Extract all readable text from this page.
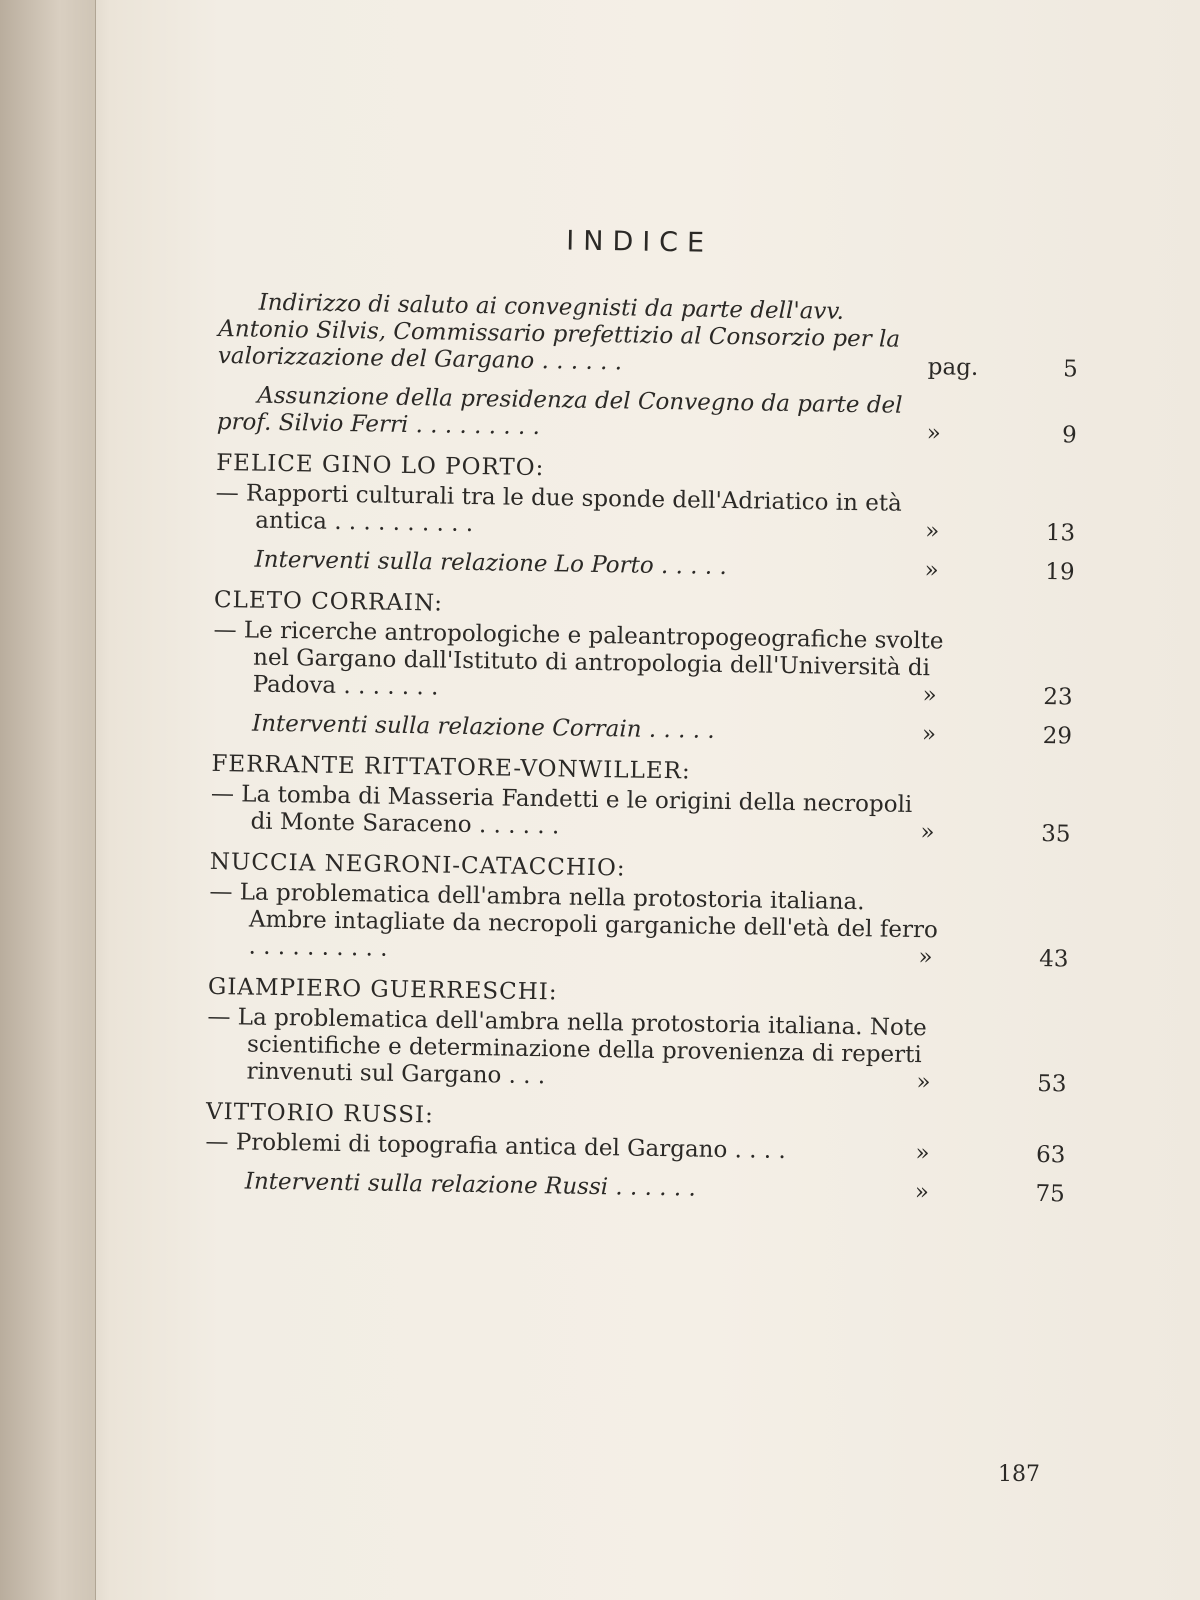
INDICE
Indirizzo di saluto ai convegnisti da parte dell'avv. Antonio Silvis, Commissario prefettizio al Consorzio per la valorizzazione del Gargano . . . . . .	pag.	5
Assunzione della presidenza del Convegno da parte del prof. Silvio Ferri . . . . . . . . .	»	9
FELICE GINO LO PORTO:
— Rapporti culturali tra le due sponde dell'Adriatico in età antica . . . . . . . . . .	»	13
Interventi sulla relazione Lo Porto . . . . .	»	19
CLETO CORRAIN:
— Le ricerche antropologiche e paleantropogeografiche svolte nel Gargano dall'Istituto di antropologia dell'Università di Padova . . . . . . .	»	23
Interventi sulla relazione Corrain . . . . .	»	29
FERRANTE RITTATORE-VONWILLER:
— La tomba di Masseria Fandetti e le origini della necropoli di Monte Saraceno . . . . . .	»	35
NUCCIA NEGRONI-CATACCHIO:
— La problematica dell'ambra nella protostoria italiana. Ambre intagliate da necropoli garganiche dell'età del ferro . . . . . . . . . .	»	43
GIAMPIERO GUERRESCHI:
— La problematica dell'ambra nella protostoria italiana. Note scientifiche e determinazione della provenienza di reperti rinvenuti sul Gargano . . .	»	53
VITTORIO RUSSI:
— Problemi di topografia antica del Gargano . . . .	»	63
Interventi sulla relazione Russi . . . . . .	»	75
187
